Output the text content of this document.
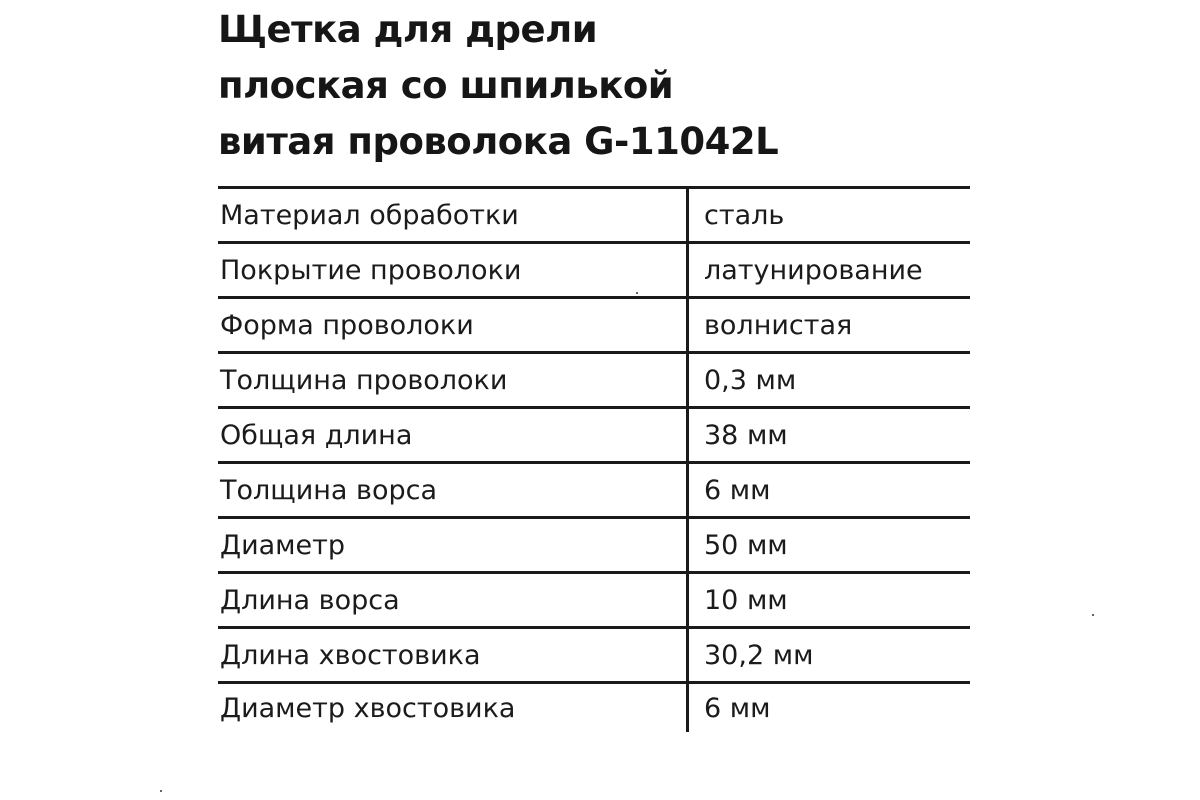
Щетка для дрели
плоская со шпилькой
витая проволока G-11042L
Материал обработки	сталь
Покрытие проволоки	латунирование
Форма проволоки	волнистая
Толщина проволоки	0,3 мм
Общая длина	38 мм
Толщина ворса	6 мм
Диаметр	50 мм
Длина ворса	10 мм
Длина хвостовика	30,2 мм
Диаметр хвостовика	6 мм
